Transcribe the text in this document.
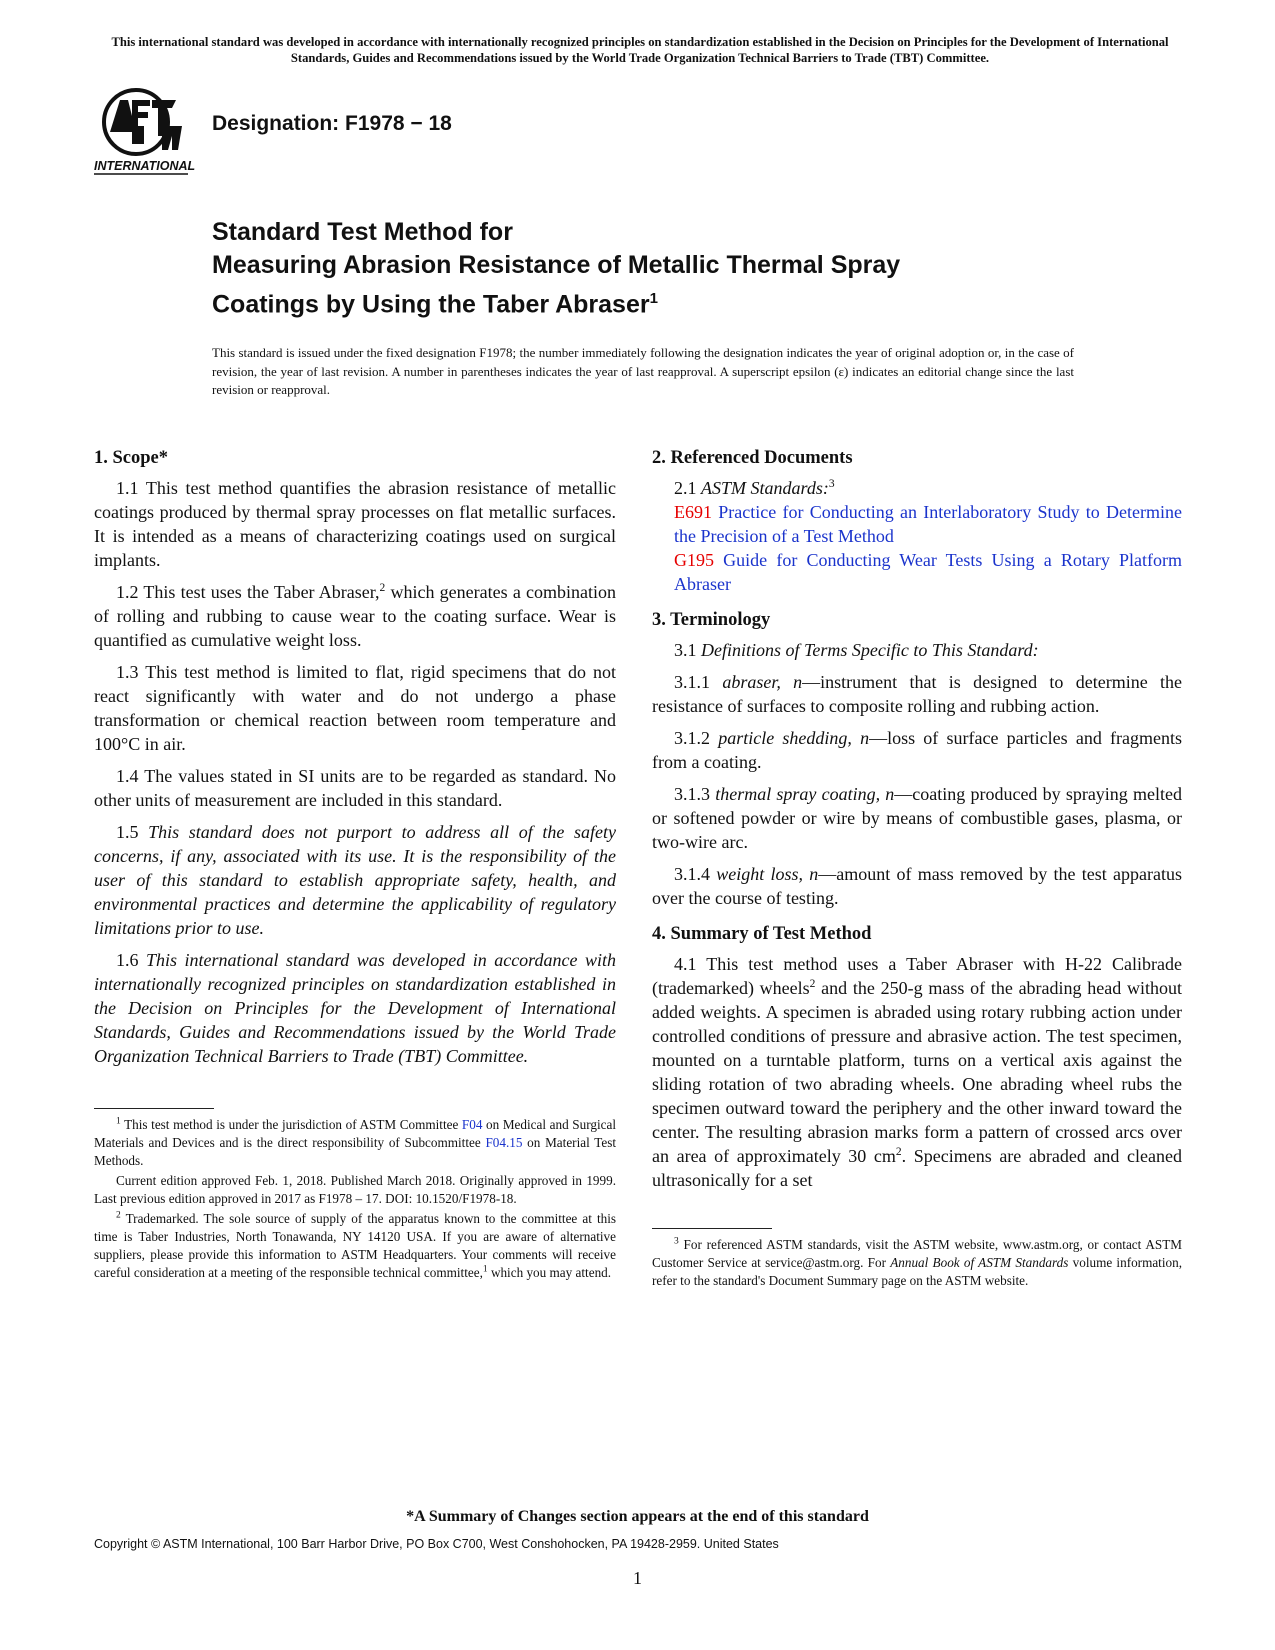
This international standard was developed in accordance with internationally recognized principles on standardization established in the Decision on Principles for the Development of International Standards, Guides and Recommendations issued by the World Trade Organization Technical Barriers to Trade (TBT) Committee.
INTERNATIONAL
Designation: F1978 − 18
Standard Test Method for
Measuring Abrasion Resistance of Metallic Thermal Spray
Coatings by Using the Taber Abraser$^1$
This standard is issued under the fixed designation F1978; the number immediately following the designation indicates the year of original adoption or, in the case of revision, the year of last revision. A number in parentheses indicates the year of last reapproval. A superscript epsilon (ε) indicates an editorial change since the last revision or reapproval.
1. Scope*

1.1 This test method quantifies the abrasion resistance of metallic coatings produced by thermal spray processes on flat metallic surfaces. It is intended as a means of characterizing coatings used on surgical implants.

1.2 This test uses the Taber Abraser,$^2$ which generates a combination of rolling and rubbing to cause wear to the coating surface. Wear is quantified as cumulative weight loss.

1.3 This test method is limited to flat, rigid specimens that do not react significantly with water and do not undergo a phase transformation or chemical reaction between room temperature and 100°C in air.

1.4 The values stated in SI units are to be regarded as standard. No other units of measurement are included in this standard.

1.5 This standard does not purport to address all of the safety concerns, if any, associated with its use. It is the responsibility of the user of this standard to establish appropriate safety, health, and environmental practices and determine the applicability of regulatory limitations prior to use.

1.6 This international standard was developed in accordance with internationally recognized principles on standardization established in the Decision on Principles for the Development of International Standards, Guides and Recommendations issued by the World Trade Organization Technical Barriers to Trade (TBT) Committee.

2. Referenced Documents

2.1 ASTM Standards:$^3$

E691 Practice for Conducting an Interlaboratory Study to Determine the Precision of a Test Method
G195 Guide for Conducting Wear Tests Using a Rotary Platform Abraser
3. Terminology

3.1 Definitions of Terms Specific to This Standard:

3.1.1 abraser, n—instrument that is designed to determine the resistance of surfaces to composite rolling and rubbing action.

3.1.2 particle shedding, n—loss of surface particles and fragments from a coating.

3.1.3 thermal spray coating, n—coating produced by spraying melted or softened powder or wire by means of combustible gases, plasma, or two-wire arc.

3.1.4 weight loss, n—amount of mass removed by the test apparatus over the course of testing.

4. Summary of Test Method

4.1 This test method uses a Taber Abraser with H-22 Calibrade (trademarked) wheels$^2$ and the 250-g mass of the abrading head without added weights. A specimen is abraded using rotary rubbing action under controlled conditions of pressure and abrasive action. The test specimen, mounted on a turntable platform, turns on a vertical axis against the sliding rotation of two abrading wheels. One abrading wheel rubs the specimen outward toward the periphery and the other inward toward the center. The resulting abrasion marks form a pattern of crossed arcs over an area of approximately 30 $cm^2$. Specimens are abraded and cleaned ultrasonically for a set

$^1$ This test method is under the jurisdiction of ASTM Committee F04 on Medical and Surgical Materials and Devices and is the direct responsibility of Subcommittee F04.15 on Material Test Methods.

Current edition approved Feb. 1, 2018. Published March 2018. Originally approved in 1999. Last previous edition approved in 2017 as F1978 – 17. DOI: 10.1520/F1978-18.

$^2$ Trademarked. The sole source of supply of the apparatus known to the committee at this time is Taber Industries, North Tonawanda, NY 14120 USA. If you are aware of alternative suppliers, please provide this information to ASTM Headquarters. Your comments will receive careful consideration at a meeting of the responsible technical committee,$^1$ which you may attend.

$^3$ For referenced ASTM standards, visit the ASTM website, www.astm.org, or contact ASTM Customer Service at service@astm.org. For Annual Book of ASTM Standards volume information, refer to the standard's Document Summary page on the ASTM website.

*A Summary of Changes section appears at the end of this standard
Copyright © ASTM International, 100 Barr Harbor Drive, PO Box C700, West Conshohocken, PA 19428-2959. United States
1
